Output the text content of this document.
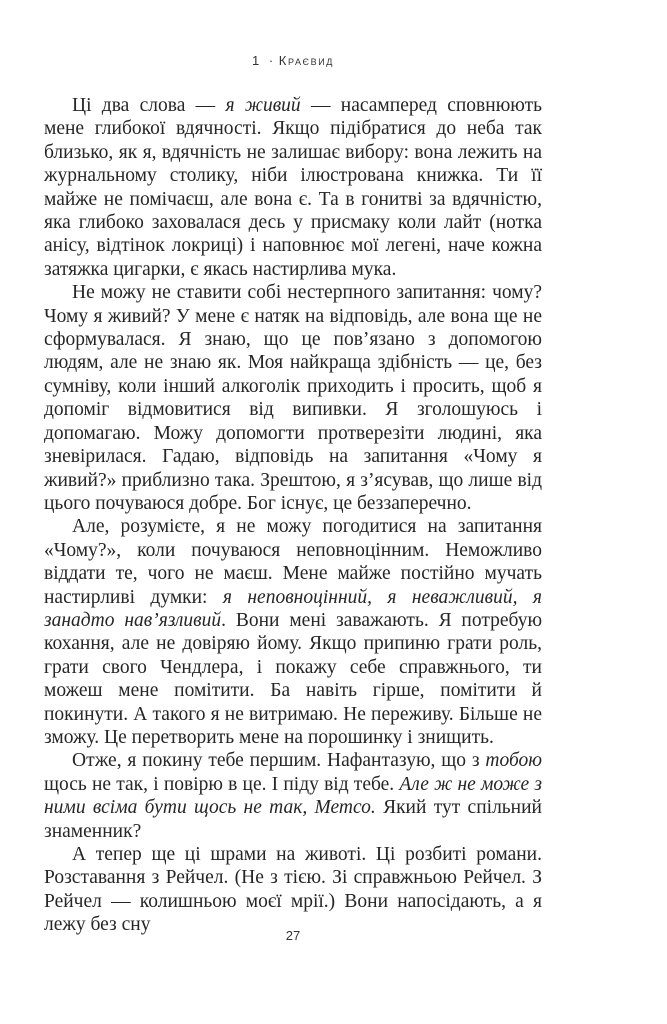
1 · Краєвид

Ці два слова — я живий — насамперед сповнюють мене глибокої вдячності. Якщо підібратися до неба так близько, як я, вдячність не залишає вибору: вона лежить на журнальному столику, ніби ілюстрована книжка. Ти її майже не помічаєш, але вона є. Та в гонитві за вдячністю, яка глибоко заховалася десь у присмаку коли лайт (нотка анісу, відтінок локриці) і наповнює мої легені, наче кожна затяжка цигарки, є якась настирлива мука.

Не можу не ставити собі нестерпного запитання: чому? Чому я живий? У мене є натяк на відповідь, але вона ще не сформувалася. Я знаю, що це пов’язано з допомогою людям, але не знаю як. Моя найкраща здібність — це, без сумніву, коли інший алкоголік приходить і просить, щоб я допоміг відмовитися від випивки. Я зголошуюсь і допомагаю. Можу допомогти протверезіти людині, яка зневірилася. Гадаю, відповідь на запитання «Чому я живий?» приблизно така. Зрештою, я з’ясував, що лише від цього почуваюся добре. Бог існує, це беззаперечно.

Але, розумієте, я не можу погодитися на запитання «Чому?», коли почуваюся неповноцінним. Неможливо віддати те, чого не маєш. Мене майже постійно мучать настирливі думки: я неповноцінний, я неважливий, я занадто нав’язливий. Вони мені заважають. Я потребую кохання, але не довіряю йому. Якщо припиню грати роль, грати свого Чендлера, і покажу себе справжнього, ти можеш мене помітити. Ба навіть гірше, помітити й покинути. А такого я не витримаю. Не переживу. Більше не зможу. Це перетворить мене на порошинку і знищить.

Отже, я покину тебе першим. Нафантазую, що з тобою щось не так, і повірю в це. І піду від тебе. Але ж не може з ними всіма бути щось не так, Метсо. Який тут спільний знаменник?

А тепер ще ці шрами на животі. Ці розбиті романи. Розставання з Рейчел. (Не з тією. Зі справжньою Рейчел. З Рейчел — колишньою моєї мрії.) Вони напосідають, а я лежу без сну

27
